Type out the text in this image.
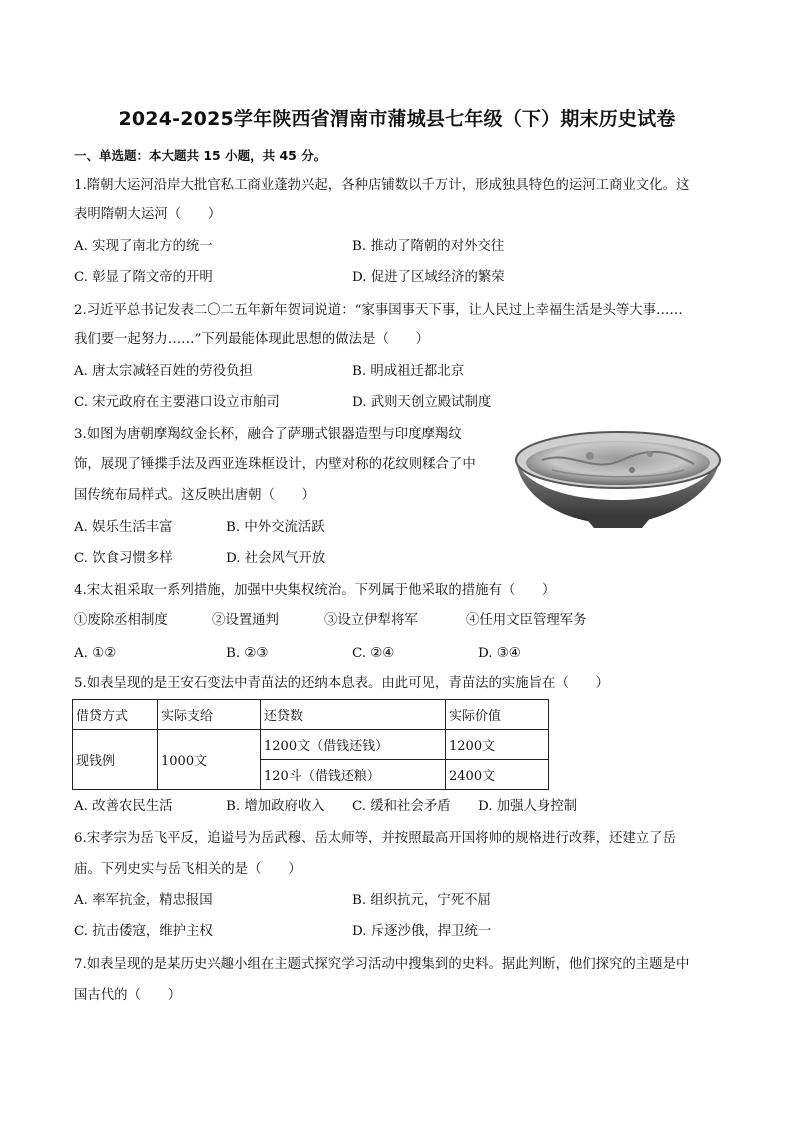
2024-2025学年陕西省渭南市蒲城县七年级（下）期末历史试卷
一、单选题：本大题共 15 小题，共 45 分。
1.隋朝大运河沿岸大批官私工商业蓬勃兴起，各种店铺数以千万计，形成独具特色的运河工商业文化。这
表明隋朝大运河（　　）
A. 实现了南北方的统一	B. 推动了隋朝的对外交往
C. 彰显了隋文帝的开明	D. 促进了区域经济的繁荣
2.习近平总书记发表二〇二五年新年贺词说道：“家事国事天下事，让人民过上幸福生活是头等大事……
我们要一起努力……”下列最能体现此思想的做法是（　　）
A. 唐太宗减轻百姓的劳役负担	B. 明成祖迁都北京
C. 宋元政府在主要港口设立市舶司	D. 武则天创立殿试制度
3.如图为唐朝摩羯纹金长杯，融合了萨珊式银器造型与印度摩羯纹
饰，展现了锤揲手法及西亚连珠框设计，内壁对称的花纹则糅合了中
国传统布局样式。这反映出唐朝（　　）
A. 娱乐生活丰富	B. 中外交流活跃
C. 饮食习惯多样	D. 社会风气开放
4.宋太祖采取一系列措施，加强中央集权统治。下列属于他采取的措施有（　　）
①废除丞相制度	②设置通判	③设立伊犁将军	④任用文臣管理军务
A. ①②	B. ②③	C. ②④	D. ③④
5.如表呈现的是王安石变法中青苗法的还纳本息表。由此可见，青苗法的实施旨在（　　）
借贷方式	实际支给	还贷数	实际价值
现钱例	1000文	1200文（借钱还钱）	1200文
		120斗（借钱还粮）	2400文
A. 改善农民生活	B. 增加政府收入 C. 缓和社会矛盾 D. 加强人身控制
6.宋孝宗为岳飞平反，追谥号为岳武穆、岳太师等，并按照最高开国将帅的规格进行改葬，还建立了岳
庙。下列史实与岳飞相关的是（　　）
A. 率军抗金，精忠报国	B. 组织抗元，宁死不屈
C. 抗击倭寇，维护主权	D. 斥逐沙俄，捍卫统一
7.如表呈现的是某历史兴趣小组在主题式探究学习活动中搜集到的史料。据此判断，他们探究的主题是中
国古代的（　　）
